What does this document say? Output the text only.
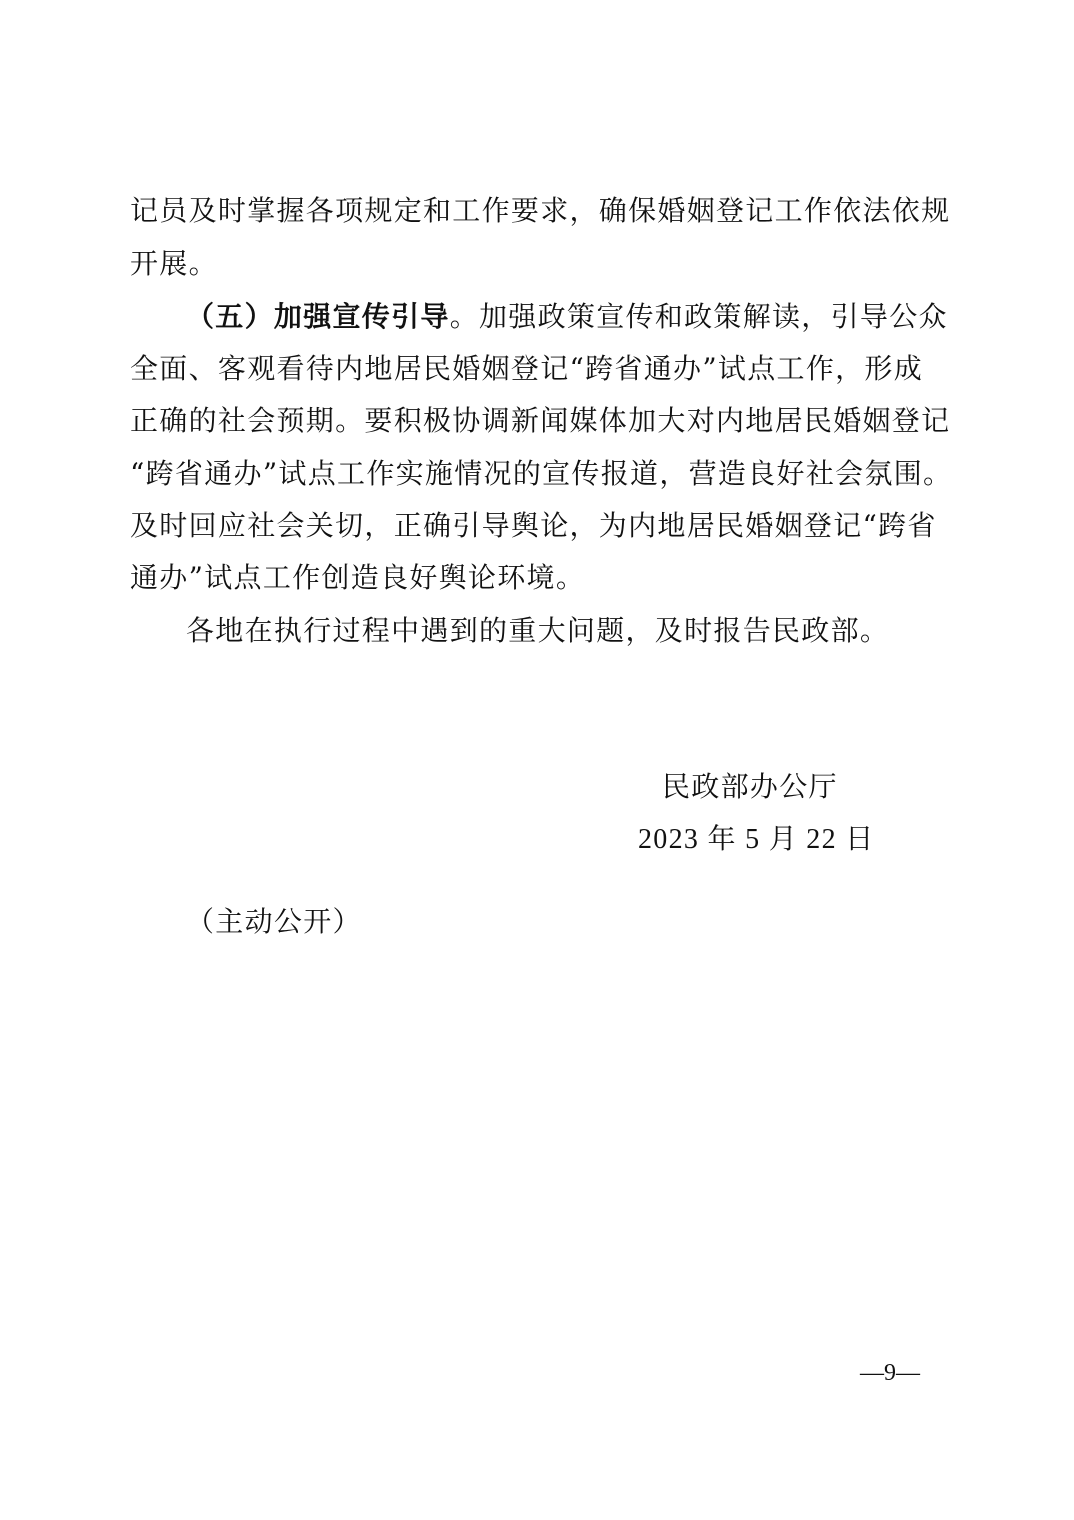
记员及时掌握各项规定和工作要求，确保婚姻登记工作依法依规
开展。
（五）加强宣传引导。加强政策宣传和政策解读，引导公众
全面、客观看待内地居民婚姻登记“跨省通办”试点工作，形成
正确的社会预期。要积极协调新闻媒体加大对内地居民婚姻登记
“跨省通办”试点工作实施情况的宣传报道，营造良好社会氛围。
及时回应社会关切，正确引导舆论，为内地居民婚姻登记“跨省
通办”试点工作创造良好舆论环境。
各地在执行过程中遇到的重大问题，及时报告民政部。
民政部办公厅
2023 年 5 月 22 日
（主动公开）
—9—
